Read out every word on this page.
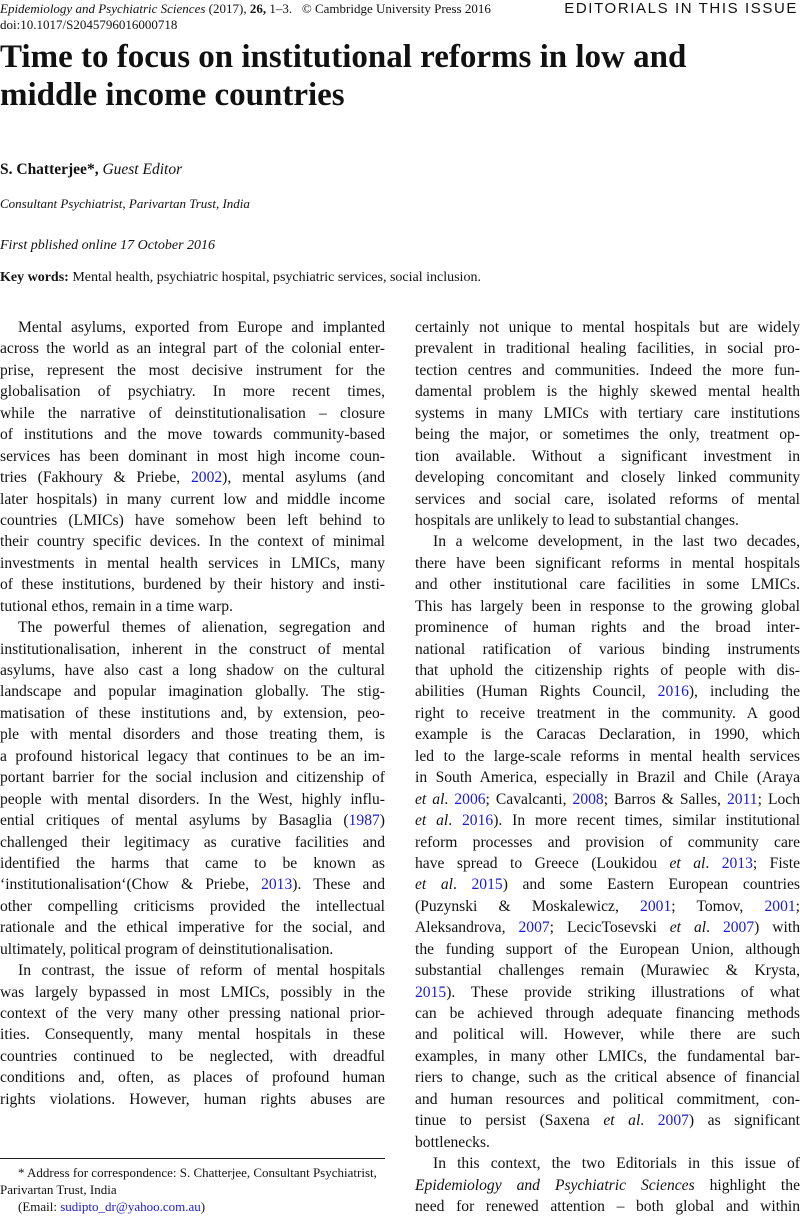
Epidemiology and Psychiatric Sciences (2017), 26, 1–3. © Cambridge University Press 2016
doi:10.1017/S2045796016000718
EDITORIALS IN THIS ISSUE
Time to focus on institutional reforms in low and middle income countries
S. Chatterjee*, Guest Editor
Consultant Psychiatrist, Parivartan Trust, India
First pblished online 17 October 2016
Key words: Mental health, psychiatric hospital, psychiatric services, social inclusion.
Mental asylums, exported from Europe and implanted
across the world as an integral part of the colonial enter-
prise, represent the most decisive instrument for the
globalisation of psychiatry. In more recent times,
while the narrative of deinstitutionalisation – closure
of institutions and the move towards community-based
services has been dominant in most high income coun-
tries (Fakhoury & Priebe, 2002), mental asylums (and
later hospitals) in many current low and middle income
countries (LMICs) have somehow been left behind to
their country specific devices. In the context of minimal
investments in mental health services in LMICs, many
of these institutions, burdened by their history and insti-
tutional ethos, remain in a time warp.
The powerful themes of alienation, segregation and
institutionalisation, inherent in the construct of mental
asylums, have also cast a long shadow on the cultural
landscape and popular imagination globally. The stig-
matisation of these institutions and, by extension, peo-
ple with mental disorders and those treating them, is
a profound historical legacy that continues to be an im-
portant barrier for the social inclusion and citizenship of
people with mental disorders. In the West, highly influ-
ential critiques of mental asylums by Basaglia (1987)
challenged their legitimacy as curative facilities and
identified the harms that came to be known as
‘institutionalisation‘(Chow & Priebe, 2013). These and
other compelling criticisms provided the intellectual
rationale and the ethical imperative for the social, and
ultimately, political program of deinstitutionalisation.
In contrast, the issue of reform of mental hospitals
was largely bypassed in most LMICs, possibly in the
context of the very many other pressing national prior-
ities. Consequently, many mental hospitals in these
countries continued to be neglected, with dreadful
conditions and, often, as places of profound human
rights violations. However, human rights abuses are
certainly not unique to mental hospitals but are widely
prevalent in traditional healing facilities, in social pro-
tection centres and communities. Indeed the more fun-
damental problem is the highly skewed mental health
systems in many LMICs with tertiary care institutions
being the major, or sometimes the only, treatment op-
tion available. Without a significant investment in
developing concomitant and closely linked community
services and social care, isolated reforms of mental
hospitals are unlikely to lead to substantial changes.
In a welcome development, in the last two decades,
there have been significant reforms in mental hospitals
and other institutional care facilities in some LMICs.
This has largely been in response to the growing global
prominence of human rights and the broad inter-
national ratification of various binding instruments
that uphold the citizenship rights of people with dis-
abilities (Human Rights Council, 2016), including the
right to receive treatment in the community. A good
example is the Caracas Declaration, in 1990, which
led to the large-scale reforms in mental health services
in South America, especially in Brazil and Chile (Araya
et al. 2006; Cavalcanti, 2008; Barros & Salles, 2011; Loch
et al. 2016). In more recent times, similar institutional
reform processes and provision of community care
have spread to Greece (Loukidou et al. 2013; Fiste
et al. 2015) and some Eastern European countries
(Puzynski & Moskalewicz, 2001; Tomov, 2001;
Aleksandrova, 2007; LecicTosevski et al. 2007) with
the funding support of the European Union, although
substantial challenges remain (Murawiec & Krysta,
2015). These provide striking illustrations of what
can be achieved through adequate financing methods
and political will. However, while there are such
examples, in many other LMICs, the fundamental bar-
riers to change, such as the critical absence of financial
and human resources and political commitment, con-
tinue to persist (Saxena et al. 2007) as significant
bottlenecks.
In this context, the two Editorials in this issue of
Epidemiology and Psychiatric Sciences highlight the
need for renewed attention – both global and within
* Address for correspondence: S. Chatterjee, Consultant Psychiatrist,
Parivartan Trust, India
(Email: sudipto_dr@yahoo.com.au)
